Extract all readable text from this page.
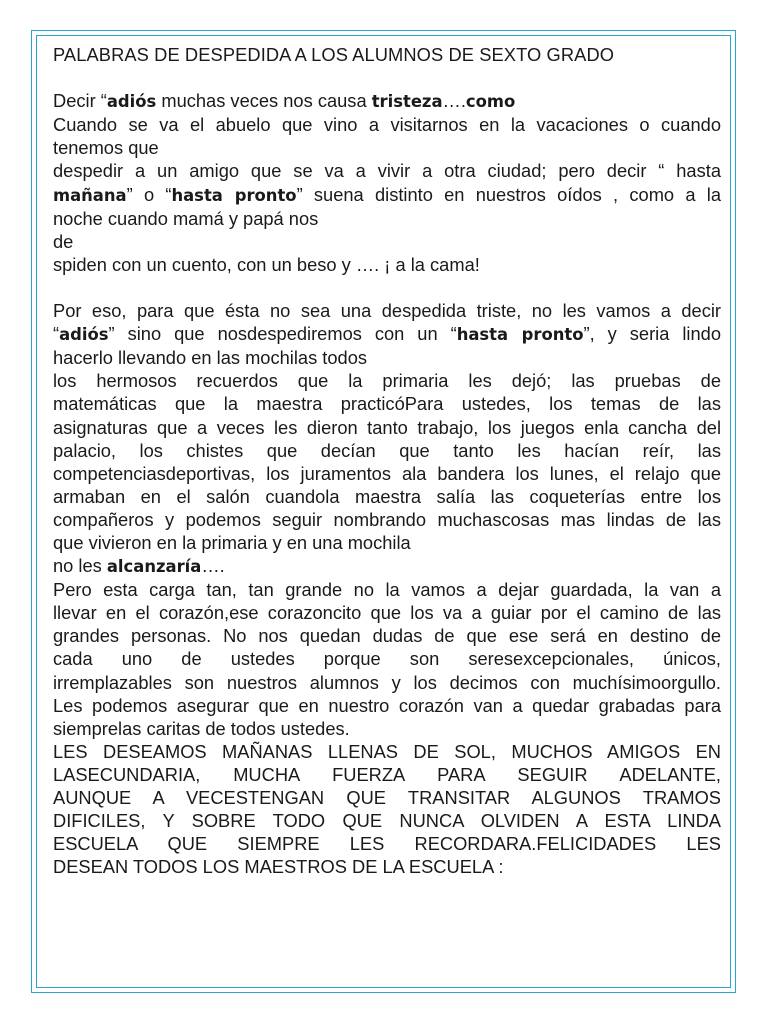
PALABRAS DE DESPEDIDA A LOS ALUMNOS DE SEXTO GRADO

Decir “adiós muchas veces nos causa tristeza….como

Cuando se va el abuelo que vino a visitarnos en la vacaciones o cuando

tenemos que

despedir a un amigo que se va a vivir a otra ciudad; pero decir “ hasta

mañana” o “hasta pronto” suena distinto en nuestros oídos , como a la

noche cuando mamá y papá nos

de

spiden con un cuento, con un beso y …. ¡ a la cama!

Por eso, para que ésta no sea una despedida triste, no les vamos a decir

“adiós” sino que nosdespediremos con un “hasta pronto”, y seria lindo

hacerlo llevando en las mochilas todos

los hermosos recuerdos que la primaria les dejó; las pruebas de

matemáticas que la maestra practicóPara ustedes, los temas de las

asignaturas que a veces les dieron tanto trabajo, los juegos enla cancha del

palacio, los chistes que decían que tanto les hacían reír, las

competenciasdeportivas, los juramentos ala bandera los lunes, el relajo que

armaban en el salón cuandola maestra salía las coqueterías entre los

compañeros y podemos seguir nombrando muchascosas mas lindas de las

que vivieron en la primaria y en una mochila

no les alcanzaría….

Pero esta carga tan, tan grande no la vamos a dejar guardada, la van a

llevar en el corazón,ese corazoncito que los va a guiar por el camino de las

grandes personas. No nos quedan dudas de que ese será en destino de

cada uno de ustedes porque son seresexcepcionales, únicos,

irremplazables son nuestros alumnos y los decimos con muchísimoorgullo.

Les podemos asegurar que en nuestro corazón van a quedar grabadas para

siemprelas caritas de todos ustedes.

LES DESEAMOS MAÑANAS LLENAS DE SOL, MUCHOS AMIGOS EN

LASECUNDARIA, MUCHA FUERZA PARA SEGUIR ADELANTE,

AUNQUE A VECESTENGAN QUE TRANSITAR ALGUNOS TRAMOS

DIFICILES, Y SOBRE TODO QUE NUNCA OLVIDEN A ESTA LINDA

ESCUELA QUE SIEMPRE LES RECORDARA.FELICIDADES LES

DESEAN TODOS LOS MAESTROS DE LA ESCUELA :
